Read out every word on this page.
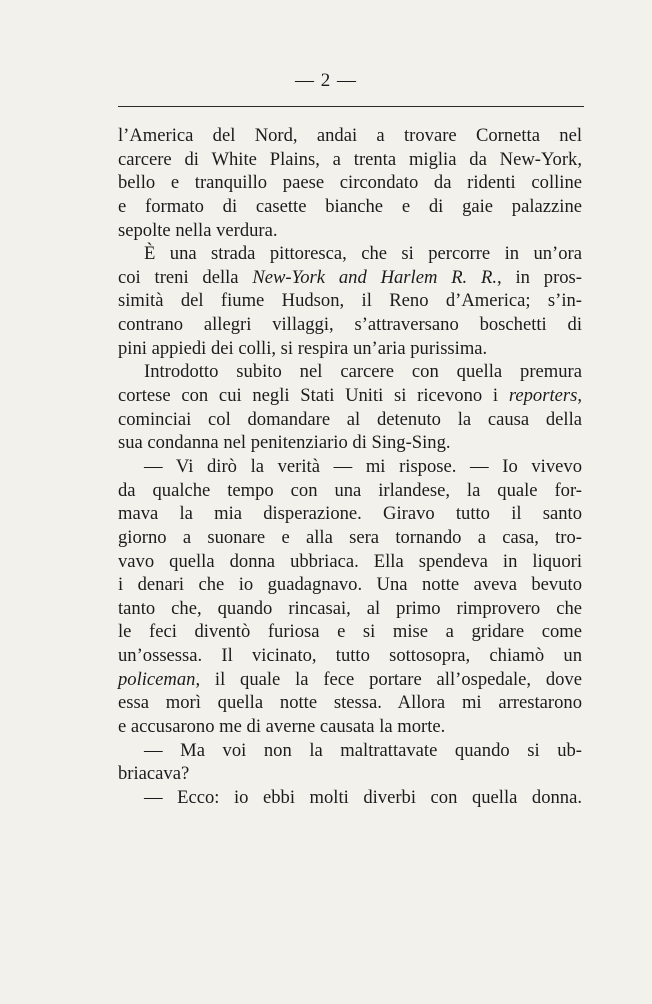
— 2 —
l’America del Nord, andai a trovare Cornetta nel
carcere di White Plains, a trenta miglia da New-York,
bello e tranquillo paese circondato da ridenti colline
e formato di casette bianche e di gaie palazzine
sepolte nella verdura.
È una strada pittoresca, che si percorre in un’ora
coi treni della New-York and Harlem R. R., in pros-
simità del fiume Hudson, il Reno d’America; s’in-
contrano allegri villaggi, s’attraversano boschetti di
pini appiedi dei colli, si respira un’aria purissima.
Introdotto subito nel carcere con quella premura
cortese con cui negli Stati Uniti si ricevono i reporters,
cominciai col domandare al detenuto la causa della
sua condanna nel penitenziario di Sing-Sing.
— Vi dirò la verità — mi rispose. — Io vivevo
da qualche tempo con una irlandese, la quale for-
mava la mia disperazione. Giravo tutto il santo
giorno a suonare e alla sera tornando a casa, tro-
vavo quella donna ubbriaca. Ella spendeva in liquori
i denari che io guadagnavo. Una notte aveva bevuto
tanto che, quando rincasai, al primo rimprovero che
le feci diventò furiosa e si mise a gridare come
un’ossessa. Il vicinato, tutto sottosopra, chiamò un
policeman, il quale la fece portare all’ospedale, dove
essa morì quella notte stessa. Allora mi arrestarono
e accusarono me di averne causata la morte.
— Ma voi non la maltrattavate quando si ub-
briacava?
— Ecco: io ebbi molti diverbi con quella donna.
